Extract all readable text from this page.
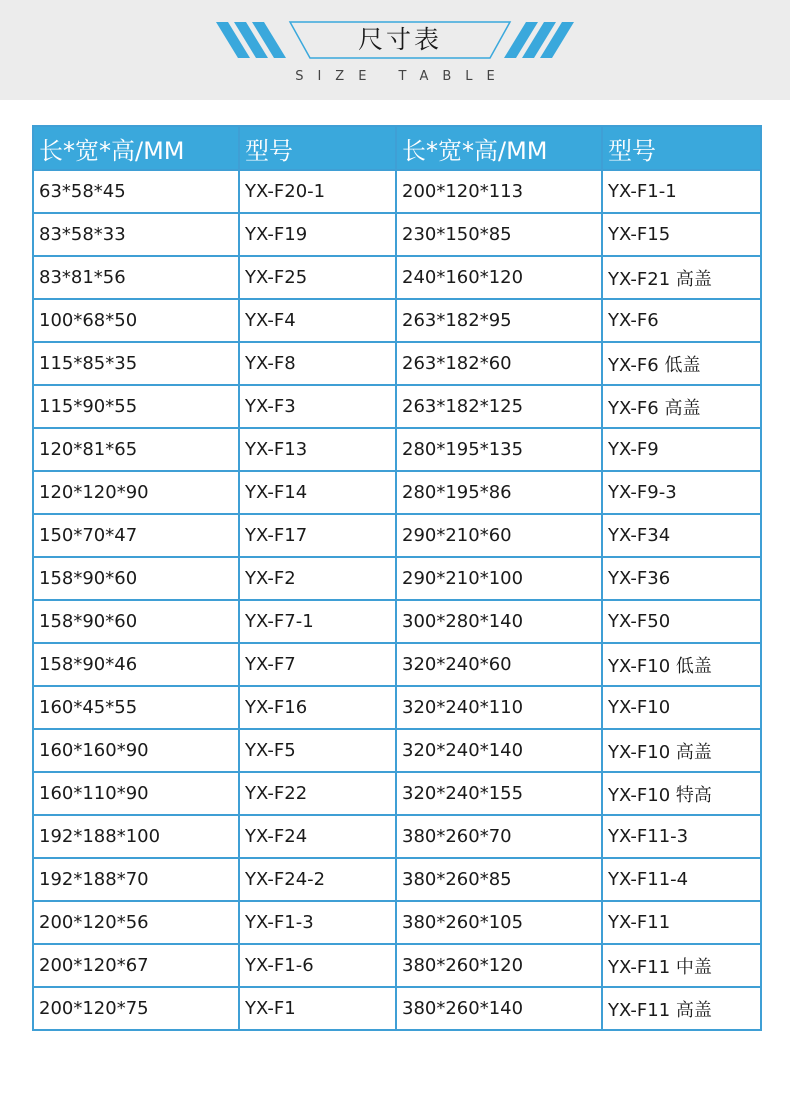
尺寸表
SIZE TABLE
长*宽*高/MM	型号	长*宽*高/MM	型号
63*58*45	YX-F20-1	200*120*113	YX-F1-1
83*58*33	YX-F19	230*150*85	YX-F15
83*81*56	YX-F25	240*160*120	YX-F21 高盖
100*68*50	YX-F4	263*182*95	YX-F6
115*85*35	YX-F8	263*182*60	YX-F6 低盖
115*90*55	YX-F3	263*182*125	YX-F6 高盖
120*81*65	YX-F13	280*195*135	YX-F9
120*120*90	YX-F14	280*195*86	YX-F9-3
150*70*47	YX-F17	290*210*60	YX-F34
158*90*60	YX-F2	290*210*100	YX-F36
158*90*60	YX-F7-1	300*280*140	YX-F50
158*90*46	YX-F7	320*240*60	YX-F10 低盖
160*45*55	YX-F16	320*240*110	YX-F10
160*160*90	YX-F5	320*240*140	YX-F10 高盖
160*110*90	YX-F22	320*240*155	YX-F10 特高
192*188*100	YX-F24	380*260*70	YX-F11-3
192*188*70	YX-F24-2	380*260*85	YX-F11-4
200*120*56	YX-F1-3	380*260*105	YX-F11
200*120*67	YX-F1-6	380*260*120	YX-F11 中盖
200*120*75	YX-F1	380*260*140	YX-F11 高盖
